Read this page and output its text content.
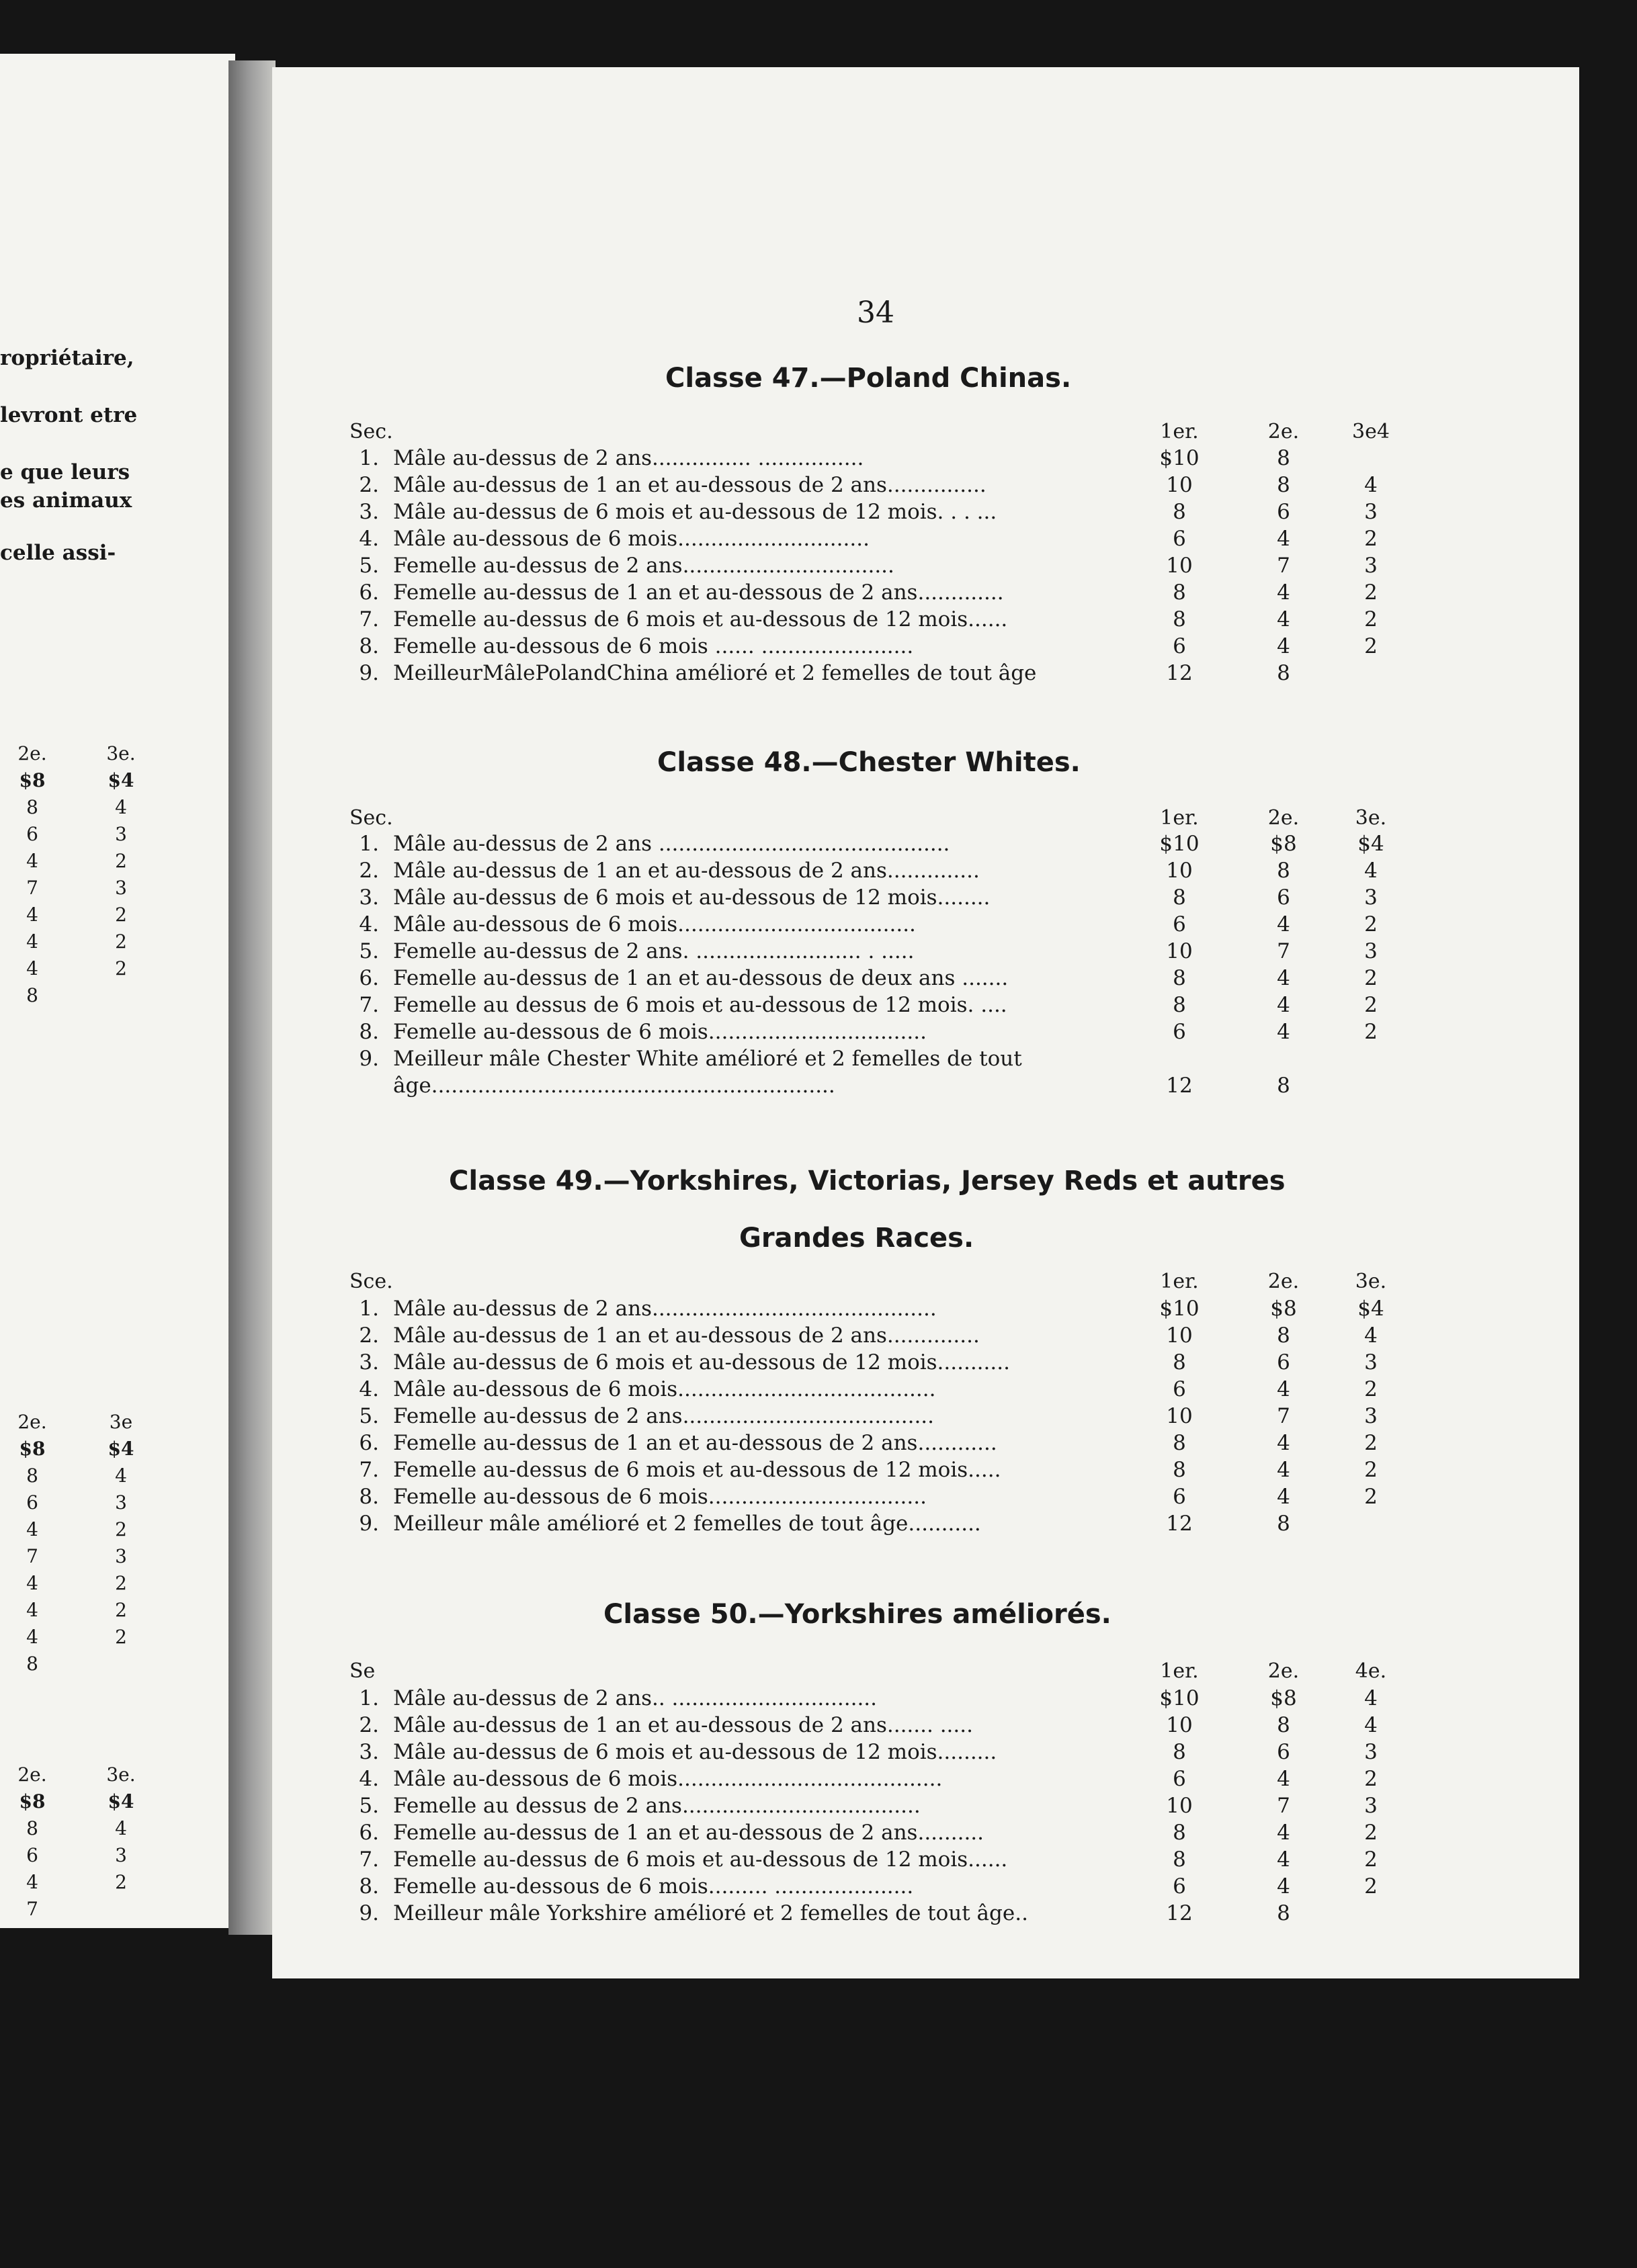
ropriétaire,
levront etre
e que leurs
es animaux
celle assi-
2e.	3e.
$8	$4
8	4
6	3
4	2
7	3
4	2
4	2
4	2
8
2e.	3e
$8	$4
8	4
6	3
4	2
7	3
4	2
4	2
4	2
8
2e.	3e.
$8	$4
8	4
6	3
4	2
7
34
Classe 47.—Poland Chinas.
Sec.	1er.	2e.	3e4
1. Mâle au-dessus de 2 ans............... ................	$10	8
2. Mâle au-dessus de 1 an et au-dessous de 2 ans...............	10	8	4
3. Mâle au-dessus de 6 mois et au-dessous de 12 mois. . . ...	8	6	3
4. Mâle au-dessous de 6 mois.............................	6	4	2
5. Femelle au-dessus de 2 ans................................	10	7	3
6. Femelle au-dessus de 1 an et au-dessous de 2 ans.............	8	4	2
7. Femelle au-dessus de 6 mois et au-dessous de 12 mois......	8	4	2
8. Femelle au-dessous de 6 mois ...... .......................	6	4	2
9. MeilleurMâlePolandChina amélioré et 2 femelles de tout âge	12	8
Classe 48.—Chester Whites.
Sec.	1er.	2e.	3e.
1. Mâle au-dessus de 2 ans ............................................	$10	$8	$4
2. Mâle au-dessus de 1 an et au-dessous de 2 ans..............	10	8	4
3. Mâle au-dessus de 6 mois et au-dessous de 12 mois........	8	6	3
4. Mâle au-dessous de 6 mois....................................	6	4	2
5. Femelle au-dessus de 2 ans. ......................... . .....	10	7	3
6. Femelle au-dessus de 1 an et au-dessous de deux ans .......	8	4	2
7. Femelle au dessus de 6 mois et au-dessous de 12 mois. ....	8	4	2
8. Femelle au-dessous de 6 mois.................................	6	4	2
9. Meilleur mâle Chester White amélioré et 2 femelles de tout
âge.............................................................	12	8
Classe 49.—Yorkshires, Victorias, Jersey Reds et autres
Grandes Races.
Sce.	1er.	2e.	3e.
1. Mâle au-dessus de 2 ans...........................................	$10	$8	$4
2. Mâle au-dessus de 1 an et au-dessous de 2 ans..............	10	8	4
3. Mâle au-dessus de 6 mois et au-dessous de 12 mois...........	8	6	3
4. Mâle au-dessous de 6 mois.......................................	6	4	2
5. Femelle au-dessus de 2 ans......................................	10	7	3
6. Femelle au-dessus de 1 an et au-dessous de 2 ans............	8	4	2
7. Femelle au-dessus de 6 mois et au-dessous de 12 mois.....	8	4	2
8. Femelle au-dessous de 6 mois.................................	6	4	2
9. Meilleur mâle amélioré et 2 femelles de tout âge...........	12	8
Classe 50.—Yorkshires améliorés.
Se	1er.	2e.	4e.
1. Mâle au-dessus de 2 ans.. ...............................	$10	$8	4
2. Mâle au-dessus de 1 an et au-dessous de 2 ans....... .....	10	8	4
3. Mâle au-dessus de 6 mois et au-dessous de 12 mois.........	8	6	3
4. Mâle au-dessous de 6 mois........................................	6	4	2
5. Femelle au dessus de 2 ans....................................	10	7	3
6. Femelle au-dessus de 1 an et au-dessous de 2 ans..........	8	4	2
7. Femelle au-dessus de 6 mois et au-dessous de 12 mois......	8	4	2
8. Femelle au-dessous de 6 mois......... .....................	6	4	2
9. Meilleur mâle Yorkshire amélioré et 2 femelles de tout âge..	12	8
